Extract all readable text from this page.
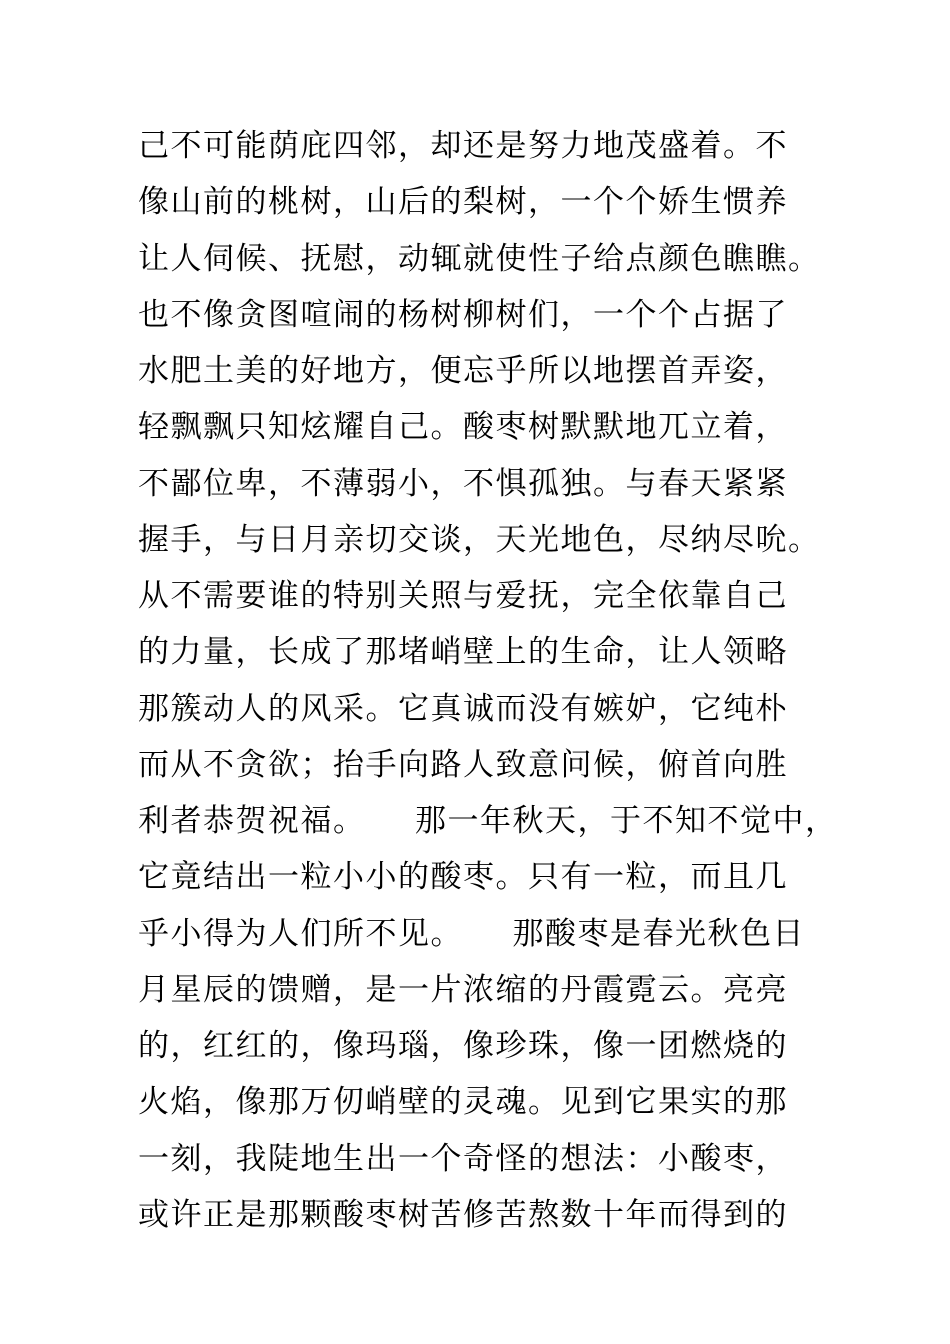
己不可能荫庇四邻，却还是努力地茂盛着。不
像山前的桃树，山后的梨树，一个个娇生惯养
让人伺候、抚慰，动辄就使性子给点颜色瞧瞧。
也不像贪图喧闹的杨树柳树们，一个个占据了
水肥土美的好地方，便忘乎所以地摆首弄姿，
轻飘飘只知炫耀自己。酸枣树默默地兀立着，
不鄙位卑，不薄弱小，不惧孤独。与春天紧紧
握手，与日月亲切交谈，天光地色，尽纳尽吮。
从不需要谁的特别关照与爱抚，完全依靠自己
的力量，长成了那堵峭壁上的生命，让人领略
那簇动人的风采。它真诚而没有嫉妒，它纯朴
而从不贪欲；抬手向路人致意问候，俯首向胜
利者恭贺祝福。　　那一年秋天，于不知不觉中，
它竟结出一粒小小的酸枣。只有一粒，而且几
乎小得为人们所不见。　　那酸枣是春光秋色日
月星辰的馈赠，是一片浓缩的丹霞霓云。亮亮
的，红红的，像玛瑙，像珍珠，像一团燃烧的
火焰，像那万仞峭壁的灵魂。见到它果实的那
一刻，我陡地生出一个奇怪的想法：小酸枣，
或许正是那颗酸枣树苦修苦熬数十年而得到的
